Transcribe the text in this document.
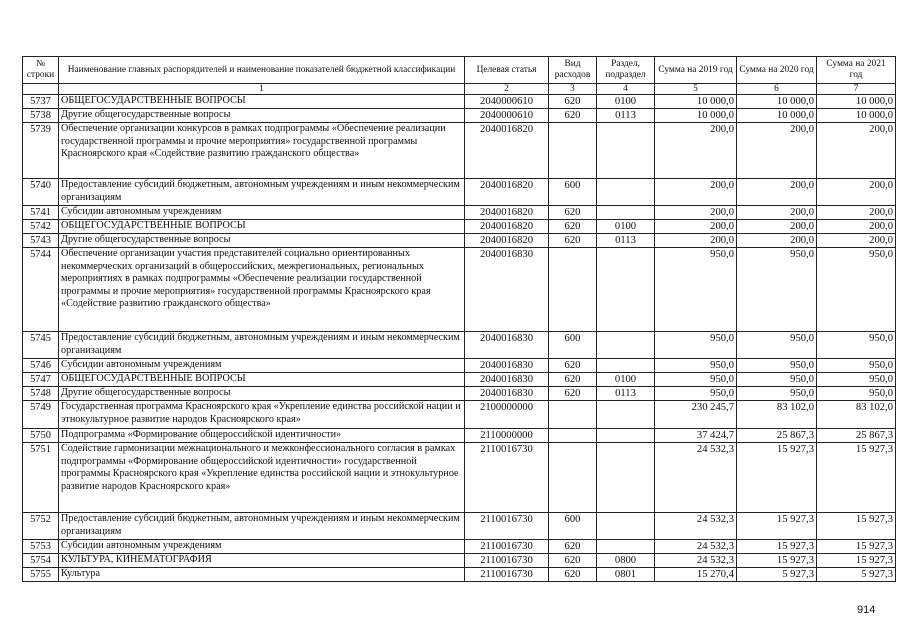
№ строки	Наименование главных распорядителей и наименование показателей бюджетной классификации	Целевая статья	Вид расходов	Раздел, подраздел	Сумма на 2019 год	Сумма на 2020 год	Сумма на 2021 год
	1	2	3	4	5	6	7
5737	ОБЩЕГОСУДАРСТВЕННЫЕ ВОПРОСЫ	2040000610	620	0100	10 000,0	10 000,0	10 000,0
5738	Другие общегосударственные вопросы	2040000610	620	0113	10 000,0	10 000,0	10 000,0
5739	Обеспечение организации конкурсов в рамках подпрограммы «Обеспечение реализации государственной программы и прочие мероприятия» государственной программы Красноярского края «Содействие развитию гражданского общества»	2040016820			200,0	200,0	200,0
5740	Предоставление субсидий бюджетным, автономным учреждениям и иным некоммерческим организациям	2040016820	600		200,0	200,0	200,0
5741	Субсидии автономным учреждениям	2040016820	620		200,0	200,0	200,0
5742	ОБЩЕГОСУДАРСТВЕННЫЕ ВОПРОСЫ	2040016820	620	0100	200,0	200,0	200,0
5743	Другие общегосударственные вопросы	2040016820	620	0113	200,0	200,0	200,0
5744	Обеспечение организации участия представителей социально ориентированных некоммерческих организаций в общероссийских, межрегиональных, региональных мероприятиях в рамках подпрограммы «Обеспечение реализации государственной программы и прочие мероприятия» государственной программы Красноярского края «Содействие развитию гражданского общества»	2040016830			950,0	950,0	950,0
5745	Предоставление субсидий бюджетным, автономным учреждениям и иным некоммерческим организациям	2040016830	600		950,0	950,0	950,0
5746	Субсидии автономным учреждениям	2040016830	620		950,0	950,0	950,0
5747	ОБЩЕГОСУДАРСТВЕННЫЕ ВОПРОСЫ	2040016830	620	0100	950,0	950,0	950,0
5748	Другие общегосударственные вопросы	2040016830	620	0113	950,0	950,0	950,0
5749	Государственная программа Красноярского края «Укрепление единства российской нации и этнокультурное развитие народов Красноярского края»	2100000000			230 245,7	83 102,0	83 102,0
5750	Подпрограмма «Формирование общероссийской идентичности»	2110000000			37 424,7	25 867,3	25 867,3
5751	Содействие гармонизации межнационального и межконфессионального согласия в рамках подпрограммы «Формирование общероссийской идентичности» государственной программы Красноярского края «Укрепление единства российской нации и этнокультурное развитие народов Красноярского края»	2110016730			24 532,3	15 927,3	15 927,3
5752	Предоставление субсидий бюджетным, автономным учреждениям и иным некоммерческим организациям	2110016730	600		24 532,3	15 927,3	15 927,3
5753	Субсидии автономным учреждениям	2110016730	620		24 532,3	15 927,3	15 927,3
5754	КУЛЬТУРА, КИНЕМАТОГРАФИЯ	2110016730	620	0800	24 532,3	15 927,3	15 927,3
5755	Культура	2110016730	620	0801	15 270,4	5 927,3	5 927,3
914
